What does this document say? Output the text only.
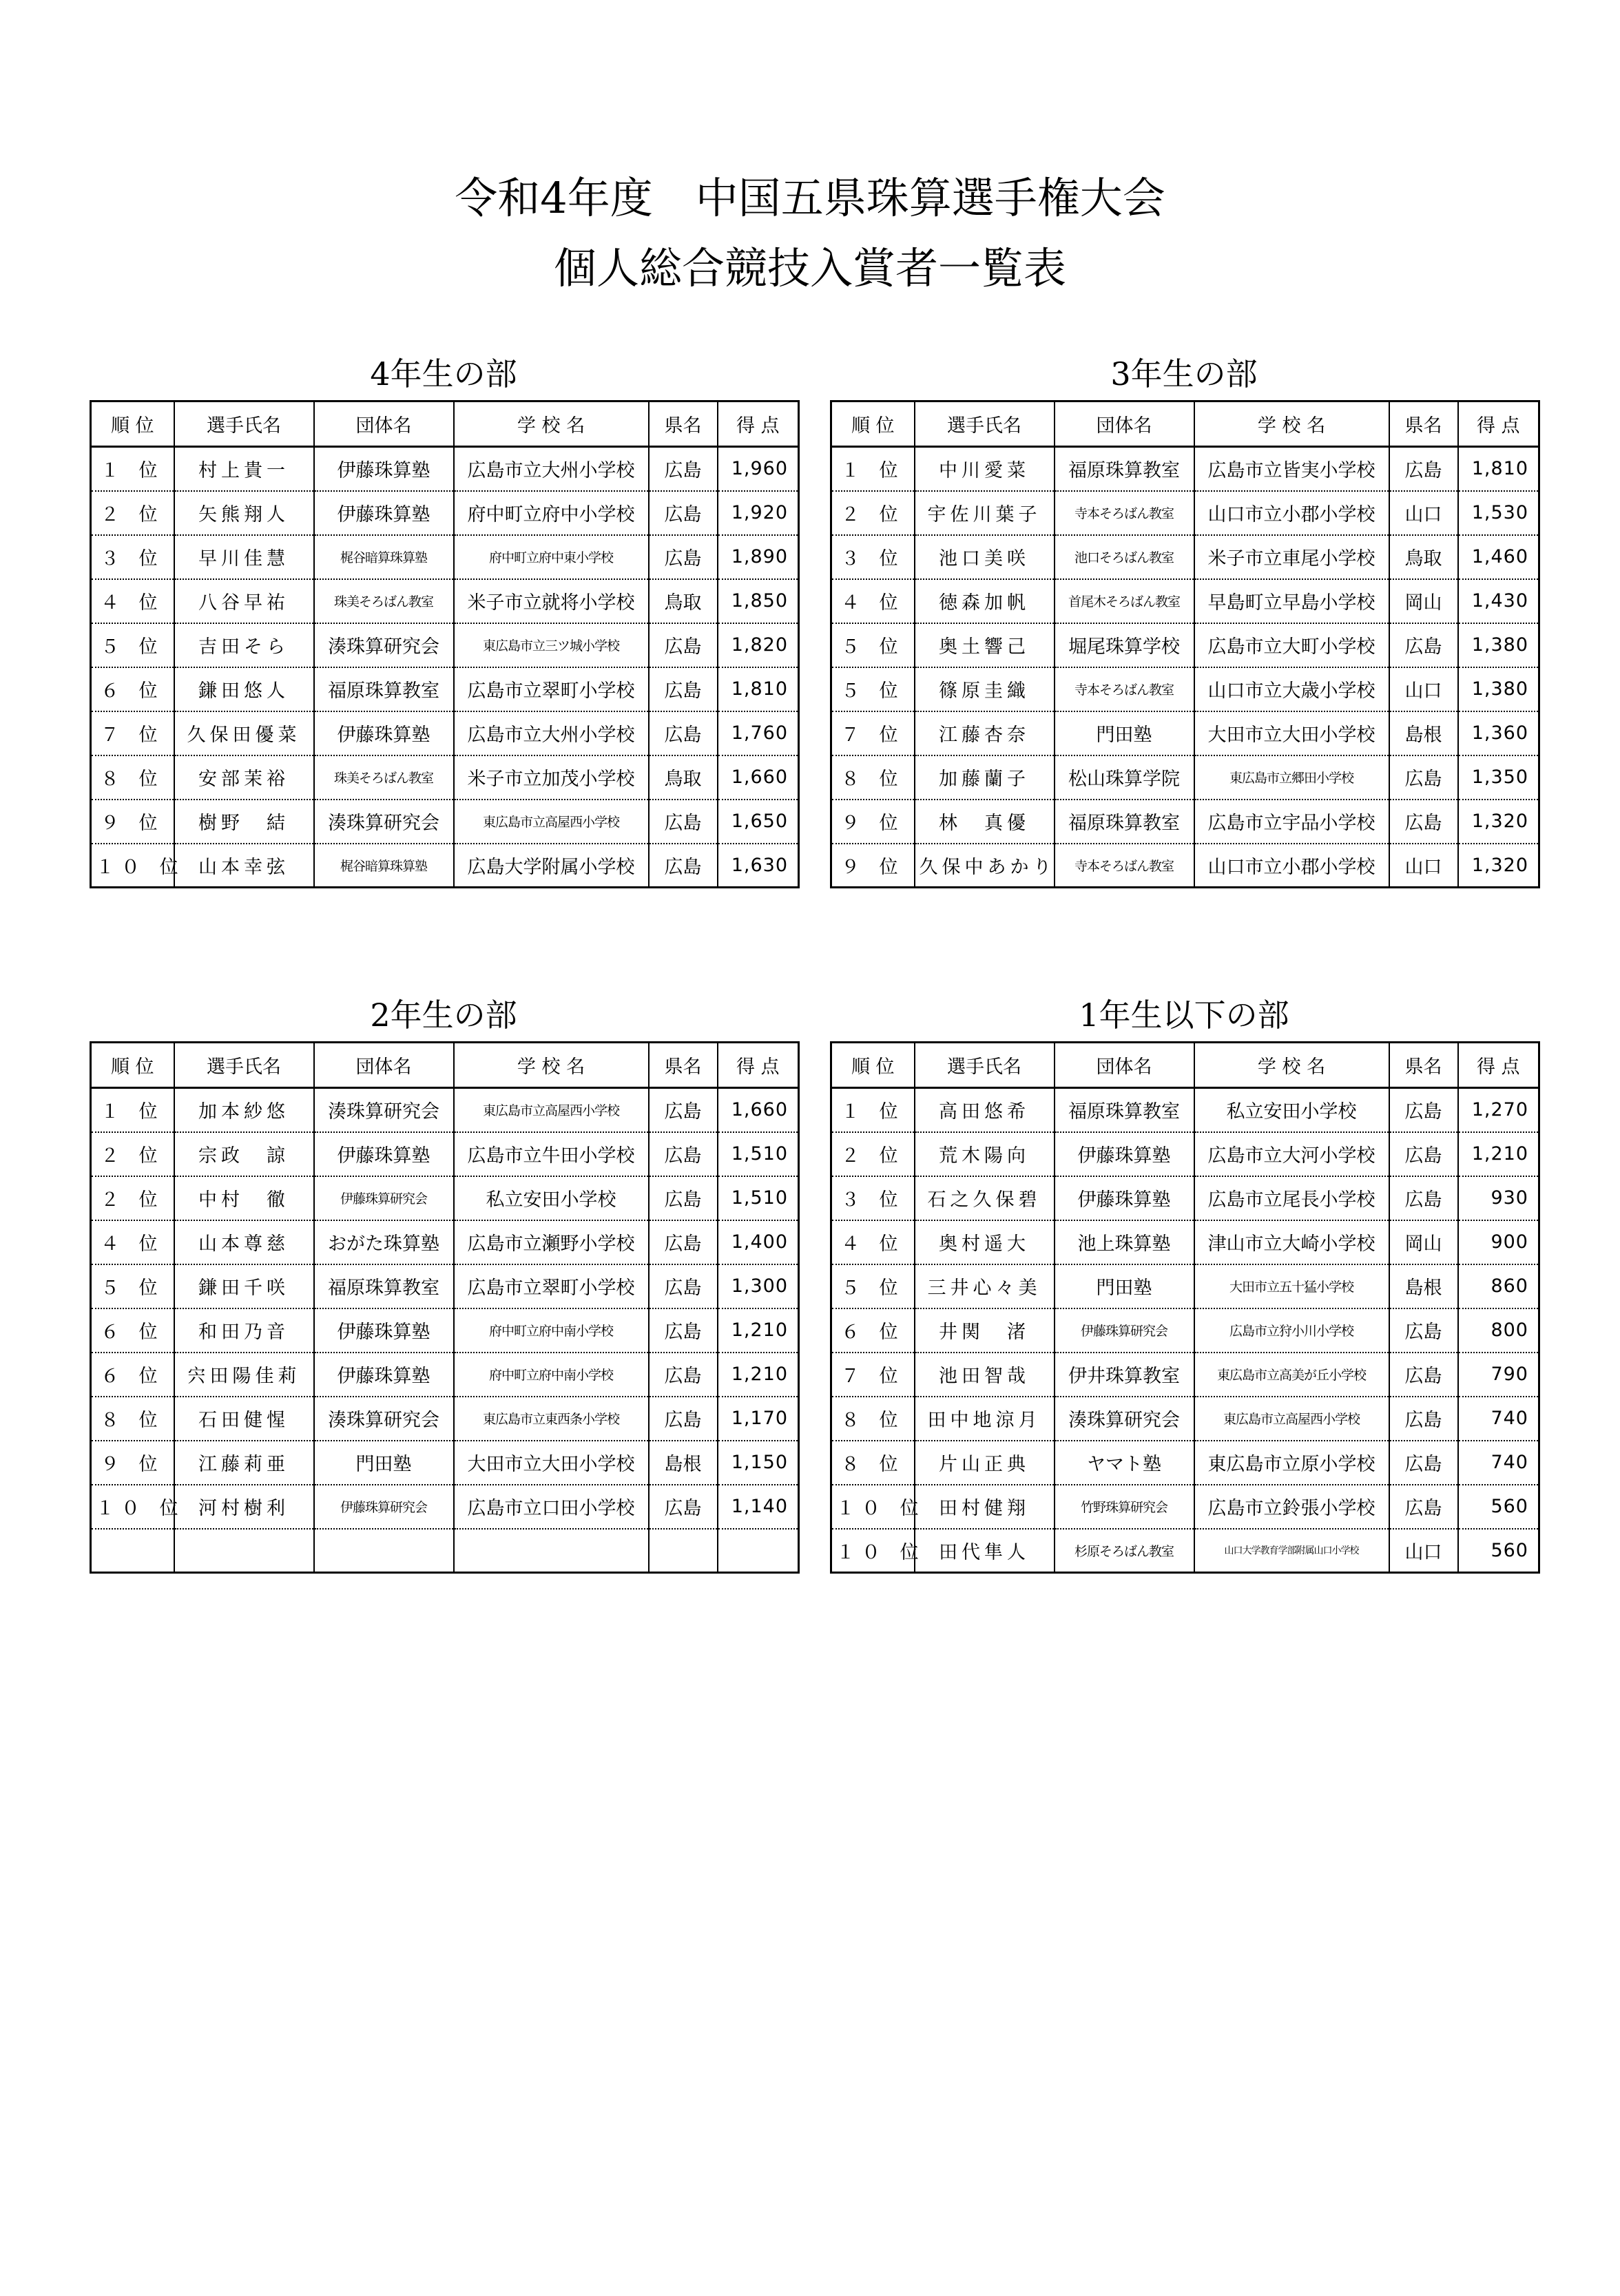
令和4年度　中国五県珠算選手権大会
個人総合競技入賞者一覧表
4年生の部
順 位	選手氏名	団体名	学 校 名	県名	得 点
１ 位	村上貴一	伊藤珠算塾	広島市立大州小学校	広島	1,960
２ 位	矢熊翔人	伊藤珠算塾	府中町立府中小学校	広島	1,920
３ 位	早川佳慧	梶谷暗算珠算塾	府中町立府中東小学校	広島	1,890
４ 位	八谷早祐	珠美そろばん教室	米子市立就将小学校	鳥取	1,850
５ 位	吉田そら	湊珠算研究会	東広島市立三ツ城小学校	広島	1,820
６ 位	鎌田悠人	福原珠算教室	広島市立翠町小学校	広島	1,810
７ 位	久保田優菜	伊藤珠算塾	広島市立大州小学校	広島	1,760
８ 位	安部茉裕	珠美そろばん教室	米子市立加茂小学校	鳥取	1,660
９ 位	樹野　結	湊珠算研究会	東広島市立高屋西小学校	広島	1,650
１０ 位	山本幸弦	梶谷暗算珠算塾	広島大学附属小学校	広島	1,630
3年生の部
順 位	選手氏名	団体名	学 校 名	県名	得 点
１ 位	中川愛菜	福原珠算教室	広島市立皆実小学校	広島	1,810
２ 位	宇佐川葉子	寺本そろばん教室	山口市立小郡小学校	山口	1,530
３ 位	池口美咲	池口そろばん教室	米子市立車尾小学校	鳥取	1,460
４ 位	徳森加帆	首尾木そろばん教室	早島町立早島小学校	岡山	1,430
５ 位	奥土響己	堀尾珠算学校	広島市立大町小学校	広島	1,380
５ 位	篠原圭織	寺本そろばん教室	山口市立大歳小学校	山口	1,380
７ 位	江藤杏奈	門田塾	大田市立大田小学校	島根	1,360
８ 位	加藤蘭子	松山珠算学院	東広島市立郷田小学校	広島	1,350
９ 位	林　真優	福原珠算教室	広島市立宇品小学校	広島	1,320
９ 位	久保中あかり	寺本そろばん教室	山口市立小郡小学校	山口	1,320
2年生の部
順 位	選手氏名	団体名	学 校 名	県名	得 点
１ 位	加本紗悠	湊珠算研究会	東広島市立高屋西小学校	広島	1,660
２ 位	宗政　諒	伊藤珠算塾	広島市立牛田小学校	広島	1,510
２ 位	中村　徹	伊藤珠算研究会	私立安田小学校	広島	1,510
４ 位	山本尊慈	おがた珠算塾	広島市立瀬野小学校	広島	1,400
５ 位	鎌田千咲	福原珠算教室	広島市立翠町小学校	広島	1,300
６ 位	和田乃音	伊藤珠算塾	府中町立府中南小学校	広島	1,210
６ 位	宍田陽佳莉	伊藤珠算塾	府中町立府中南小学校	広島	1,210
８ 位	石田健惺	湊珠算研究会	東広島市立東西条小学校	広島	1,170
９ 位	江藤莉亜	門田塾	大田市立大田小学校	島根	1,150
１０ 位	河村樹利	伊藤珠算研究会	広島市立口田小学校	広島	1,140

1年生以下の部
順 位	選手氏名	団体名	学 校 名	県名	得 点
１ 位	高田悠希	福原珠算教室	私立安田小学校	広島	1,270
２ 位	荒木陽向	伊藤珠算塾	広島市立大河小学校	広島	1,210
３ 位	石之久保碧	伊藤珠算塾	広島市立尾長小学校	広島	930
４ 位	奥村遥大	池上珠算塾	津山市立大崎小学校	岡山	900
５ 位	三井心々美	門田塾	大田市立五十猛小学校	島根	860
６ 位	井関　渚	伊藤珠算研究会	広島市立狩小川小学校	広島	800
７ 位	池田智哉	伊井珠算教室	東広島市立高美が丘小学校	広島	790
８ 位	田中地涼月	湊珠算研究会	東広島市立高屋西小学校	広島	740
８ 位	片山正典	ヤマト塾	東広島市立原小学校	広島	740
１０ 位	田村健翔	竹野珠算研究会	広島市立鈴張小学校	広島	560
１０ 位	田代隼人	杉原そろばん教室	山口大学教育学部附属山口小学校	山口	560
